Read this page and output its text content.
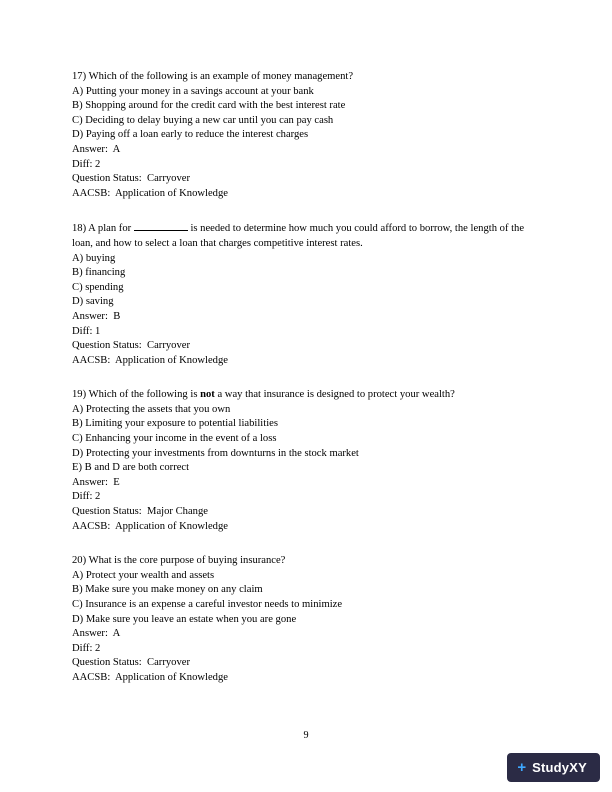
17) Which of the following is an example of money management?
A) Putting your money in a savings account at your bank
B) Shopping around for the credit card with the best interest rate
C) Deciding to delay buying a new car until you can pay cash
D) Paying off a loan early to reduce the interest charges
Answer:  A
Diff: 2
Question Status:  Carryover
AACSB:  Application of Knowledge
18) A plan for	is needed to determine how much you could afford to borrow, the length of the loan, and how to select a loan that charges competitive interest rates.
A) buying
B) financing
C) spending
D) saving
Answer:  B
Diff: 1
Question Status:  Carryover
AACSB:  Application of Knowledge
19) Which of the following is not a way that insurance is designed to protect your wealth?
A) Protecting the assets that you own
B) Limiting your exposure to potential liabilities
C) Enhancing your income in the event of a loss
D) Protecting your investments from downturns in the stock market
E) B and D are both correct
Answer:  E
Diff: 2
Question Status:  Major Change
AACSB:  Application of Knowledge
20) What is the core purpose of buying insurance?
A) Protect your wealth and assets
B) Make sure you make money on any claim
C) Insurance is an expense a careful investor needs to minimize
D) Make sure you leave an estate when you are gone
Answer:  A
Diff: 2
Question Status:  Carryover
AACSB:  Application of Knowledge
9
+ StudyXY
